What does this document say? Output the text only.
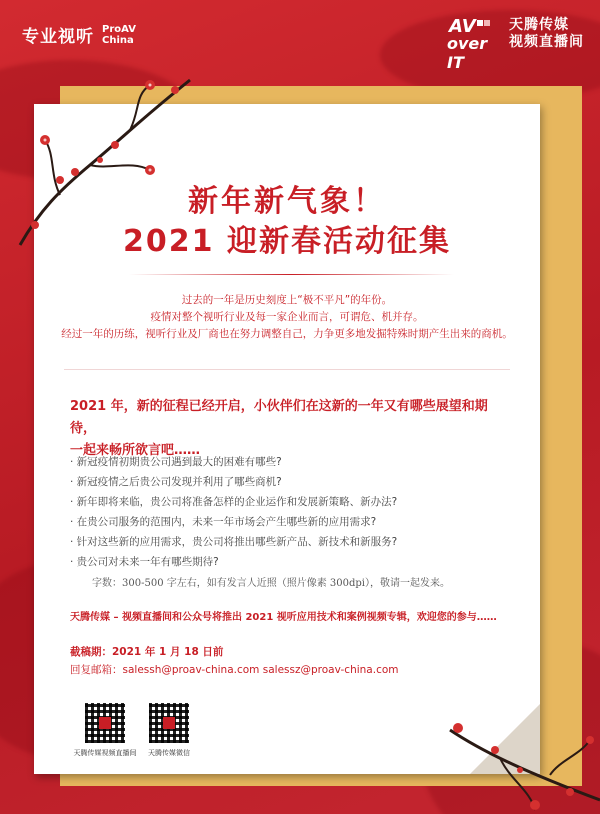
专业视听 ProAV
China
AV
over IT
天腾传媒
视频直播间
新年新气象！
2021 迎新春活动征集
过去的一年是历史刻度上“极不平凡”的年份。
疫情对整个视听行业及每一家企业而言，可谓危、机并存。
经过一年的历练，视听行业及厂商也在努力调整自己，力争更多地发掘特殊时期产生出来的商机。
2021 年，新的征程已经开启，小伙伴们在这新的一年又有哪些展望和期待，
一起来畅所欲言吧……
· 新冠疫情初期贵公司遇到最大的困难有哪些?
· 新冠疫情之后贵公司发现并利用了哪些商机?
· 新年即将来临，贵公司将准备怎样的企业运作和发展新策略、新办法?
· 在贵公司服务的范围内，未来一年市场会产生哪些新的应用需求?
· 针对这些新的应用需求，贵公司将推出哪些新产品、新技术和新服务?
· 贵公司对未来一年有哪些期待?
字数：300-500 字左右，如有发言人近照（照片像素 300dpi），敬请一起发来。
天腾传媒 – 视频直播间和公众号将推出 2021 视听应用技术和案例视频专辑，欢迎您的参与……
截稿期：2021 年 1 月 18 日前
回复邮箱：salessh@proav-china.com salessz@proav-china.com
天腾传媒视频直播间	天腾传媒微信
